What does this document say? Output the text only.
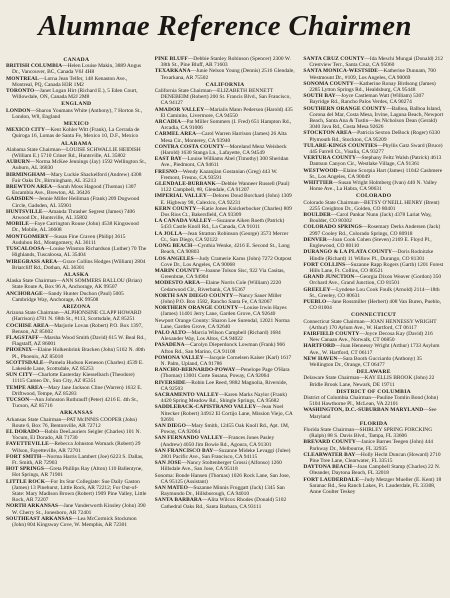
Alumnae Reference Chairmen
CANADA

BRITISH COLUMBIA—Helen Louise Makin, 3889 Angus Dr., Vancouver, BC, Canada V6J 4H8

MONTREAL—Lorna Jean Telfer, 148 Kenaston Ave., Montreal, PQ, Canada H3R 1M2

TORONTO—Janet Logan Hirt (Richard E.), 5 Eden Court, Willowdale, ON, Canada M2J 2M8

ENGLAND

LONDON—Sharon Youmans White (Anthony), 7 Horton St., London, W8, England

MEXICO

MEXICO CITY—Kent Kohler Witt (Frank), La Cerrada de Quiroga 16, Lomas de Santa Fe, Mexico 10, D.F., Mexico

ALABAMA

Alabama State Chairman—LOUISE SCHWALLIE HEIDISH (William E.) 5710 Criner Rd., Huntsville, AL 35802

AUBURN—Norma McKee Jennings (Jay) 1592 Wellington St., Auburn, AL 36830

BIRMINGHAM—Mary Luckie Shackelford (Andrew) 4308 Fair Oaks Dr., Birmingham, AL 35213

BREWTON AREA—Sarah Moss Hagood (Thomas) 1307 Escambia Ave., Brewton, AL 36426

GADSDEN—Jennie Miller Heiliman (Frank) 209 Dogwood Circle, Gadsden, AL 35901

HUNTSVILLE—Amanda Thrasher Segrest (James) 7406 Atwood Dr., Huntsville, AL 35802

MOBILE—Faye Carrington Rouse (John) 4538 Kingswood Dr., Mobile, AL 36608

MONTGOMERY—Susan Fine Craven (Philip) 3615 Audubon Rd., Montgomery, AL 36111

TUSCALOOSA—Louise Winston Richardson (Luther) 70 The Highlands, Tuscaloosa, AL 35404

WIREGRASS AREA—Grace Collins Hodges (William) 2804 Briarcliff Rd., Dothan, AL 36301

ALASKA

Alaska State Chairman—ANN SOMMERS BALLOU (Brian) State Route A, Box 96 A, Anchorage, AK 99507

ANCHORAGE—Sandy Hunter Duchon (Paul) 5005 Cambridge Way, Anchorage, AK 99508

ARIZONA

Arizona State Chairman—ALPHONSINE CLAPP HOWARD (Harrison) 4701 N. 68th St., #113, Scottsdale, AZ 85251

COCHISE AREA—Marjorie Lovan (Robert) P.O. Box 1397, Benson, AZ 85602

FLAGSTAFF—Marsha Wood Smith (David) 615 W. Beal Rd., Flagstaff, AZ 86001

PHOENIX—Elaine Holkenbrink Bracken (John) 5162 N. 40th Pl., Phoenix, AZ 85018

SCOTTSDALE—Pamela Hudson Keneson (Charles) 4539 E. Lakeside Lane, Scottsdale, AZ 85253

SUN CITY—Charlotte Easterday Kiesselbach (Theodore) 11115 Cameo Dr., Sun City, AZ 85351

TEMPE AREA—Mary Jane Jackson Cline (Warren) 1632 E. Driftwood, Tempe, AZ 85283

TUCSON—Ann Johnston Ruthrauff (Peter) 4216 E. 4th St., Tucson, AZ 85716

ARKANSAS

Arkansas State Chairman—PAT McINNIS COOPER (John) Route 6, Box 76, Bentonville, AR 72712

EL DORADO—Robin DeeLauriers Seigler (Charles) 101 N. Yocum, El Dorado, AR 71730

FAYETTEVILLE—Rebecca Johnston Womack (Robert) 29 Wilson, Fayetteville, AR 72701

FORT SMITH—Norma Harris Lambert (Joe) 6223 S. Dallas, Ft. Smith, AR 72903

HOT SPRINGS—Greta Phillips Ray (Alton) 110 Ballentyne, Hot Springs, AR 71901

LITTLE ROCK—For Its Star Collegiate: Sue Daily Gaston (James) 13 Pinehurst, Little Rock, AR 72212; For Out-of-State: Mary Madison Brown (Robert) 1909 Pine Valley, Little Rock, AR 72207

NORTH ARKANSAS—Jane Vanderworth Kinsley (John) 390 W. Cherry St., Jonesboro, AR 72401

SOUTHEAST ARKANSAS—Lea McCormick Stockmon (John) 804 Kingsway Cove, W. Memphis, AR 72301

PINE BLUFF—Debbie Stanley Robinson (Spencer) 2300 W. 38th St., Pine Bluff, AR 71603

TEXARKANA—Junie Nelson Young (Dennis) 2516 Glendale, Texarkana, AR 75502

CALIFORNIA

California State Chairman—ELIZABETH BENNETT DENEBEIM (Robert) 200 St. Francis Blvd., San Francisco, CA 94127

AMADOR VALLEY—Marialis Mann Pederson (Harold) 435 El Caminito, Livermore, CA 94550

ARCADIA—Pat Miller Sommers (I. Fred) 651 Hampton Rd., Arcadia, CA 91006

CARMEL AREA—Carol Warren Harrison (James) 26 Alta Mesa Cir., Monterey, CA 93940

CONTRA COSTA COUNTY—Moreland Menz Weisbeck (Harold) 1630 Stanga Ln., Lafayette, CA 94549

EAST BAY—Louise Williams Abel (Timothy) 300 Sheridan Ave., Piedmont, CA 94611

FRESNO—Wendy Kazanjian Gostanian (Greg) 443 W. Fremont, Fresno, CA 93591

GLENDALE-BURBANK—Debbie Wanneer Russell (Paul) 1122 Campbell, #8, Glendale, CA 91207

IMPERIAL VALLEY—Delores Doud Borchard (John) 1309 E. Highway 98, Calexico, CA 92231

KERN COUNTY—Katie Jones Knickerbocker (Charles) 809 Dos Rios Ct., Bakersfield, CA 93309

LA CANADA VALLEY—Suzanne Aiken Roeth (Patrick) 5433 Castle Knoll Rd., La Canada, CA 91011

LA JOLLA—Jean Stratton Robinson (George) 3573 Mercer Ct., San Diego, CA 92122

LONG BEACH—Cynthia Wenke, 4216 E. Second St., Long Beach, CA 90803

LOS ANGELES—Judy Cramerie Karns (John) 7272 Outpost Cove Dr., Los Angeles, CA 90068

MARIN COUNTY—Joanne Tolson Sisc, 922 Via Casitas, Greenbrae, CA 94904

MODESTO AREA—Elaine Norris Cole (William) 2220 Cedarwood Cir., Riverbank, CA 95367

NORTH SAN DIEGO COUNTY—Nancy Sauer Miller (John) P.O. Box 1582, Rancho Santa Fe, CA 92067

NORTHERN ORANGE COUNTY—Louise Irwin Hayes (James) 11401 Jerry Lane, Garden Grove, CA 92640

Newport Orange County: Sharon Lee Surendal, 12021 Norma Lane, Garden Grove, CA 92640

PALO ALTO—Marcia Wilson Campbell (Richard) 1684 Alexander Way, Los Altos, CA 94022

PASADENA—Carolyn Dieperdonck Lowman (Frank) 966 Afton Rd., San Marino, CA 91108

POMONA VALLEY—Jacquie Cornelsen Kaiser (Karl) 1617 N. Palm, Upland, CA 91786

RANCHO-BERNARDO-POWAY—Penelope Page O'Hara (Thomas) 13001 Corte Susana, Poway, CA 92064

RIVERSIDE—Robin Lee Reed, 9882 Magnolia, Riverside, CA 92503

SACRAMENTO VALLEY—Karen Marks Naylor (Frank) 4420 Spring Meadow Rd., Shingle Springs, CA 95682

SADDLEBACK-CAPISTRANO VALLEY—Jean Noel Nitecker (Robert) 34912 El Cortijo Lane, Mission Viejo, CA 92691

SAN DIEGO—Mary Smith, 12455 Oak Knoll Rd., Apt. 1M, Poway, CA 92064

SAN FERNANDO VALLEY—Frances Jones Pasley (Andrew) 4050 Jim Bowie Rd., Agoura, CA 91301

SAN FRANCISCO BAY—Suzanne Mideke Levaggi (Julee) 2801 Pacific Ave., San Francisco, CA 94115

SAN JOSE—Nancy Stoltenberger Grossi (Alfonso) 1260 Hillsdale Ave., San Jose, CA 95118

Sonoma: Bonde Hansen (Thomas) 1026 Rock Lane, San Jose, CA 95125 (Assistant)

SAN MATEO—Suzanne Minnis Froggatt (Jack) 1345 San Raymundo Dr., Hillsborough, CA 94010

SANTA BARBARA—Alita Wilcox Rhodes (Donald) 5102 Cathedral Oaks Rd., Santa Barbara, CA 93111

SANTA CRUZ COUNTY—Ida Meschi Mungai (Donald) 212 Crestview Terr., Santa Cruz, CA 95060

SANTA MONICA-WESTSIDE—Katherine Dunnam, 700 Westmount Dr., #109, Los Angeles, CA 90069

SONOMA COUNTY—Katherine Ronay Birdsong (James) 2285 Lytton Springs Rd., Healdsburg, CA 95448

SOUTH BAY—Joyce Castleman Watt (William) 5307 Bayridge Rd., Rancho Palos Verdes, CA 90274

SOUTHERN ORANGE COUNTY—Balboa, Balboa Island, Corona del Mar, Costa Mesa, Irvine, Laguna Beach, Newport Beach, Santa Ana & Tustin—Jes Nicholson Dean (Gerald) 3040 Java Rd., Costa Mesa 92626

STOCKTON AREA—Patricia Sexton DeBock (Roger) 6330 Plymouth Rd., Stockton, CA 95209

TULARE-KINGS COUNTIES—Phyllis Gatz Sward (Bruce) 445 Farrell Ct., Visalia, CA 93277

VERTURA COUNTY—Stephany Feltz Walsh (Patrick) 4613 Dantsun Canyon Cir., Westlake Village, CA 91361

WESTWOOD—Elaine Scorpia Hart (James) 11042 Cashmere St., Los Angeles, CA 90049

WHITTIER—Susan Wright Holmberg (Ivan) 440 N. Valley Home Ave., La Habra, CA 90631

COLORADO

Colorado State Chairman—BETSY O'NEILL HENRY (Brent) 2255 Creighton Dr., Golden, CO 80401

BOULDER—Carol Pankar Nunn (Jack) 4378 Lariat Way, Boulder, CO 80302

COLORADO SPRINGS—Rosemary Derks Andersen (Jack) 2997 Cooley Rd., Colorado Springs, CO 80918

DENVER—Joan Cook Cohen (Steven) 2169 E. Floyd Pl., Englewood, CO 80110

DURANGO & LA PLATA COUNTY—Doris Rodnitzke Hindle (Richard) 11 Willow Pl., Durango, CO 81301

FORT COLLINS—Suzanne Rapp Rogers (Garth) 1201 Forest Hills Lane, Ft. Collins, CO 80521

GRAND JUNCTION—Georgia Dixon Weaver (Gordon) 350 Orchard Ave., Grand Junction, CO 81501

GREELEY—Lyndene Lou Cook Foulk (Arnold) 2114—18th St., Greeley, CO 80631

PUEBLO—Jane Rossmiller (Herbert) 408 Van Buren, Pueblo, CO 81004

CONNECTICUT

Connecticut State Chairman—JOAN HENNESSY WRIGHT (Arthur) 170 Aylum Ave., W. Hartford, CT 06117

FAIRFIELD COUNTY—Joyce Decosa Kay (David) 216 New Canaan Ave., Norwalk, CT 06850

HARTFORD—Joan Hennessy Wright (Arthur) 1733 Asylum Ave., W. Hartford, CT 06117

NEW HAVEN—Sara Booth Gucciardo (Anthony) 35 Wellington Dr., Orange, CT 06477

DELAWARE

Delaware State Chairman—KAY ELLIS BROOK (John) 22 Bridle Brook Lane, Newark, DE 19711

DISTRICT OF COLUMBIA

District of Columbia Chairman—Pauline Tomlin Bond (John) 5104 Hawthorne Pl., McLean, VA 22101

WASHINGTON, D.C.-SUBURBAN MARYLAND—See Maryland

FLORIDA

Florida State Chairman—SHIRLEY SPRING FORCKING (Ralph) 88 S. Davis Blvd., Tampa, FL 33606

BREVARD COUNTY—Janice Barnes Teegen (John) 444 Parkway Dr., Melbourne, FL 32935

CLEARWATER BAY—Holly Hecht Duncan (Howard) 2710 Pine Tree Lane, Clearwater, FL 33515

DAYTONA BEACH—Joan Campbell Stamp (Charles) 22 N. Oleander, Daytona Beach, FL 32018

FORT LAUDERDALE—Judy Metzger Mueller (E. Kent) 18 Saranac Rd., Sea Ranch Lakes, Ft. Lauderdale, FL 33308, Anne Coulter Teskey
